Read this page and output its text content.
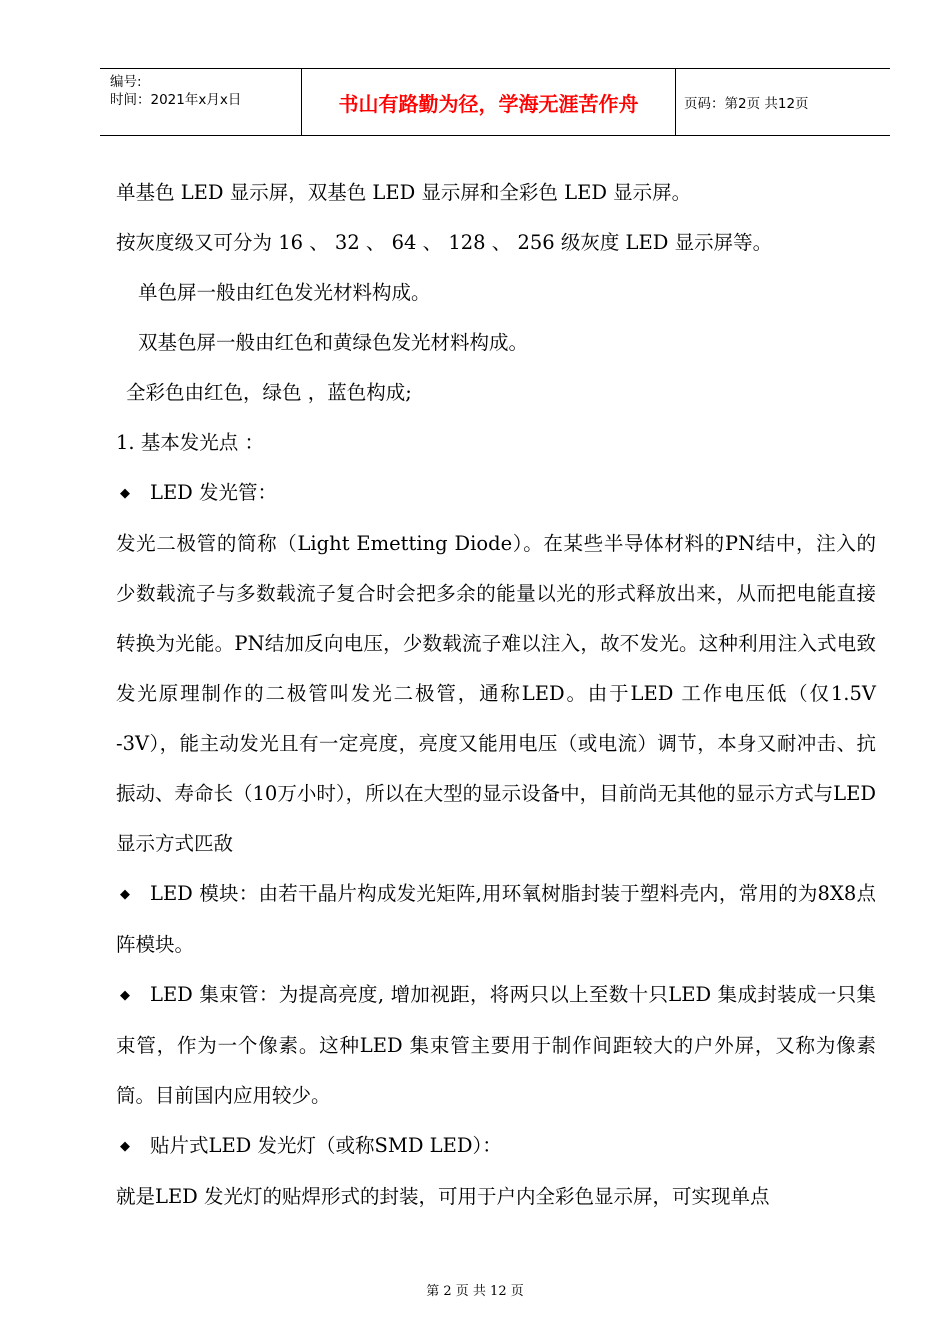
编号:
时间：2021年x月x日	书山有路勤为径，学海无涯苦作舟	页码：第2页 共12页

单基色 LED 显示屏，双基色 LED 显示屏和全彩色 LED 显示屏。

按灰度级又可分为 16 、 32 、 64 、 128 、 256 级灰度 LED 显示屏等。

单色屏一般由红色发光材料构成。

双基色屏一般由红色和黄绿色发光材料构成。

全彩色由红色，绿色 ，蓝色构成;

1. 基本发光点 ：

◆ LED 发光管：

发光二极管的简称（Light Emetting Diode）。在某些半导体材料的PN结中，注入的少数载流子与多数载流子复合时会把多余的能量以光的形式释放出来，从而把电能直接转换为光能。PN结加反向电压，少数载流子难以注入，故不发光。这种利用注入式电致发光原理制作的二极管叫发光二极管，通称LED。由于LED 工作电压低（仅1.5V -3V），能主动发光且有一定亮度，亮度又能用电压（或电流）调节，本身又耐冲击、抗振动、寿命长（10万小时），所以在大型的显示设备中，目前尚无其他的显示方式与LED 显示方式匹敌

◆ LED 模块：由若干晶片构成发光矩阵,用环氧树脂封装于塑料壳内，常用的为8X8点阵模块。

◆ LED 集束管：为提高亮度, 增加视距，将两只以上至数十只LED 集成封装成一只集束管，作为一个像素。这种LED 集束管主要用于制作间距较大的户外屏，又称为像素筒。目前国内应用较少。

◆ 贴片式LED 发光灯（或称SMD LED）：

就是LED 发光灯的贴焊形式的封装，可用于户内全彩色显示屏，可实现单点

第 2 页 共 12 页
